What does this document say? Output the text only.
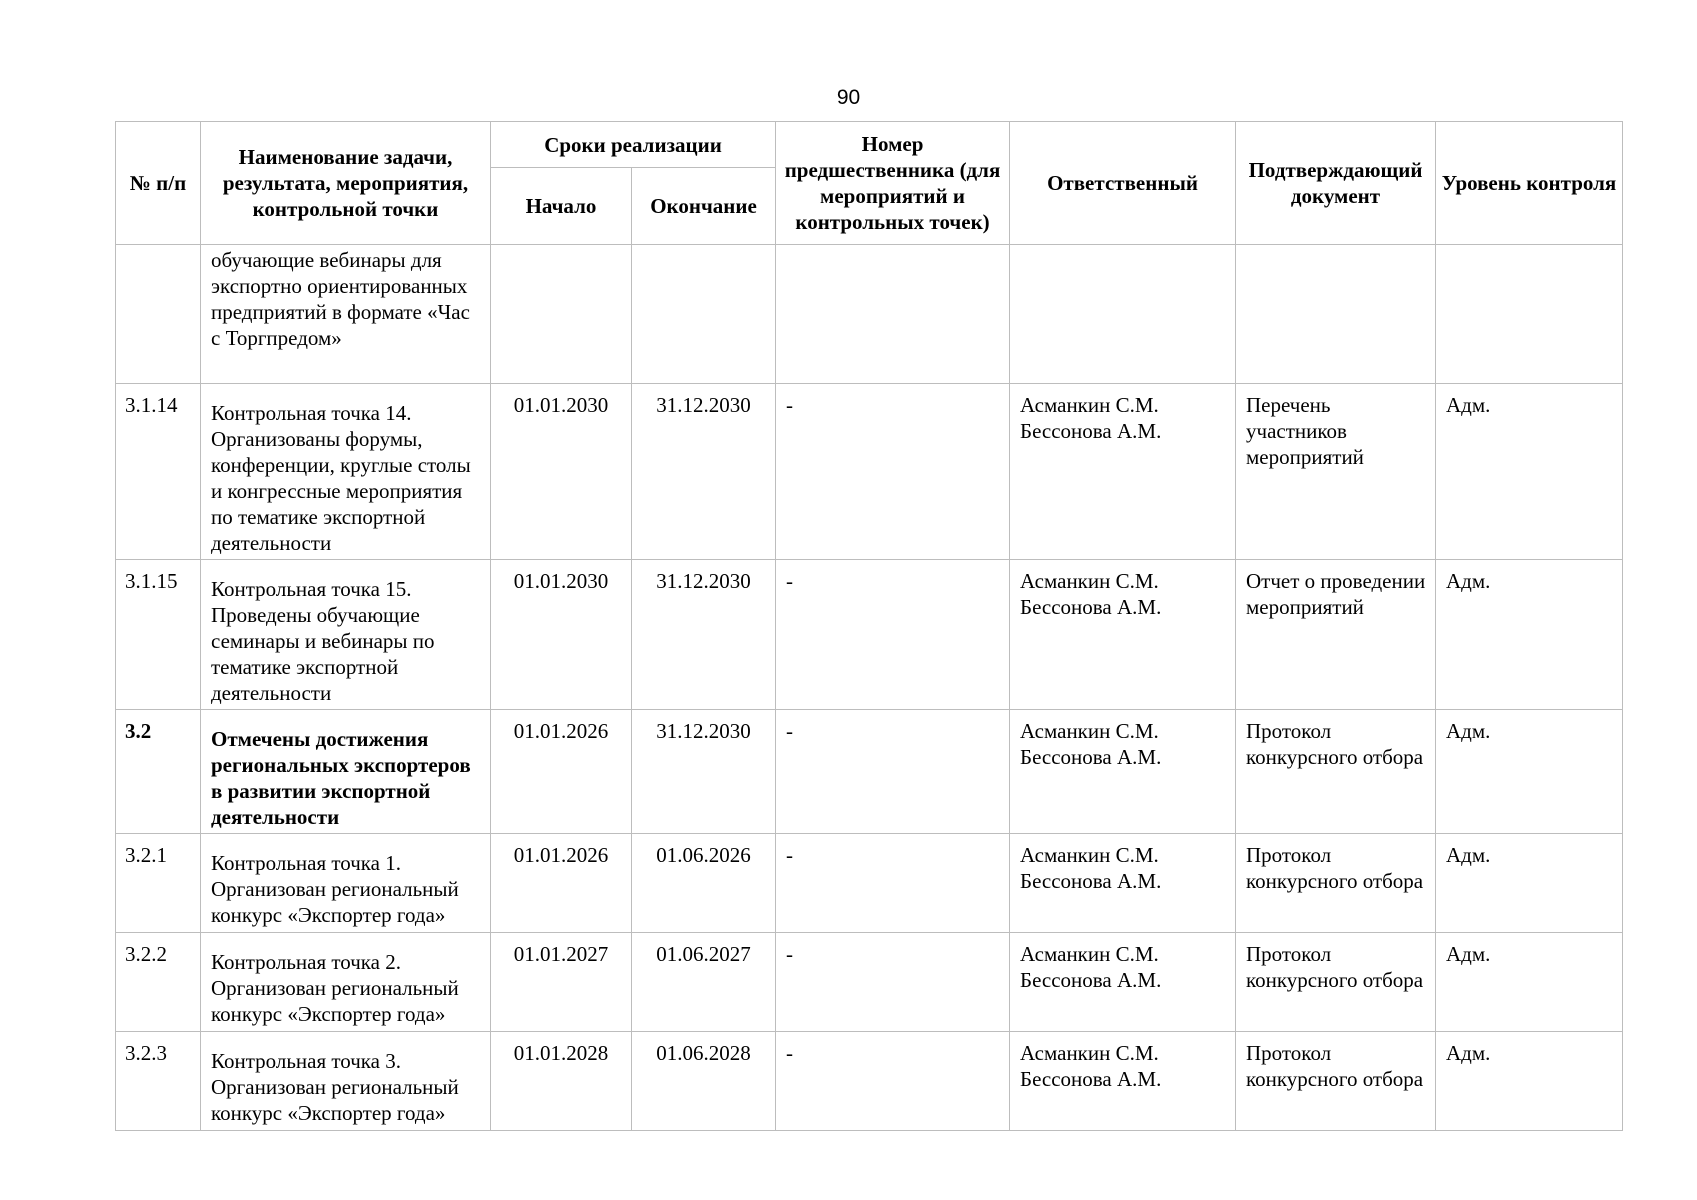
90
№ п/п	Наименование задачи, результата, мероприятия, контрольной точки	Сроки реализации		Номер предшественника (для мероприятий и контрольных точек)	Ответственный	Подтверждающий документ	Уровень контроля
		Начало	Окончание				

	обучающие вебинары для экспортно ориентированных предприятий в формате «Час с Торгпредом»						

3.1.14	Контрольная точка 14. Организованы форумы, конференции, круглые столы и конгрессные мероприятия по тематике экспортной деятельности	01.01.2030	31.12.2030	-	Асманкин С.М. Бессонова А.М.	Перечень участников мероприятий	Адм.

3.1.15	Контрольная точка 15. Проведены обучающие семинары и вебинары по тематике экспортной деятельности	01.01.2030	31.12.2030	-	Асманкин С.М. Бессонова А.М.	Отчет о проведении мероприятий	Адм.

3.2	Отмечены достижения региональных экспортеров в развитии экспортной деятельности	01.01.2026	31.12.2030	-	Асманкин С.М. Бессонова А.М.	Протокол конкурсного отбора	Адм.

3.2.1	Контрольная точка 1. Организован региональный конкурс «Экспортер года»	01.01.2026	01.06.2026	-	Асманкин С.М. Бессонова А.М.	Протокол конкурсного отбора	Адм.

3.2.2	Контрольная точка 2. Организован региональный конкурс «Экспортер года»	01.01.2027	01.06.2027	-	Асманкин С.М. Бессонова А.М.	Протокол конкурсного отбора	Адм.

3.2.3	Контрольная точка 3. Организован региональный конкурс «Экспортер года»	01.01.2028	01.06.2028	-	Асманкин С.М. Бессонова А.М.	Протокол конкурсного отбора	Адм.
